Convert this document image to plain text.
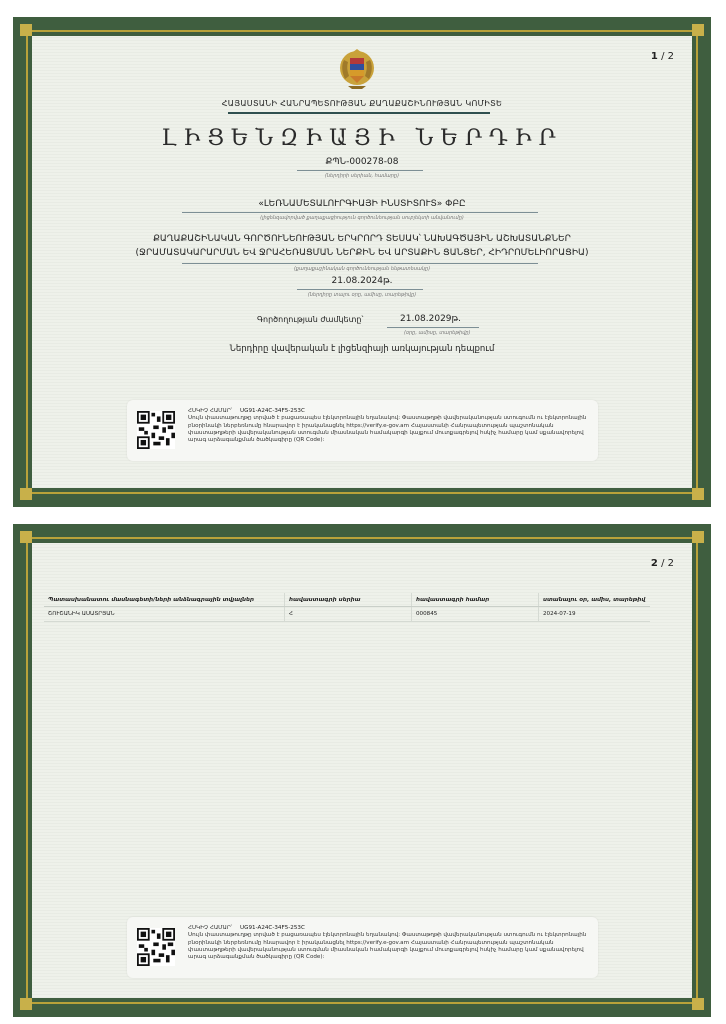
1 / 2
ՀԱՅԱՍՏԱՆԻ ՀԱՆՐԱՊԵՏՈՒԹՅԱՆ ՔԱՂԱՔԱՇԻՆՈՒԹՅԱՆ ԿՈՄԻՏԵ
ԼԻՑԵՆԶԻԱՅԻ ՆԵՐԴԻՐ
ՔՊՆ-000278-08
(ներդիրի սերիան, համարը)
«ԼԵՌՆԱՄԵՏԱԼՈՒՐԳԻԱՅԻ ԻՆՍՏԻՏՈՒՏ» ՓԲԸ
(լիցենզավորված քաղաքացիություն գործունեության սուբյեկտի անվանումը)
ՔԱՂԱՔԱՇԻՆԱԿԱՆ ԳՈՐԾՈՒՆԵՈՒԹՅԱՆ ԵՐԿՐՈՐԴ ՏԵՍԱԿ՝ ՆԱԽԱԳԾԱՅԻՆ ԱՇԽԱՏԱՆՔՆԵՐ (ՋՐԱՄԱՏԱԿԱՐԱՐՄԱՆ ԵՎ ՋՐԱՀԵՌԱՑՄԱՆ ՆԵՐՔԻՆ ԵՎ ԱՐՏԱՔԻՆ ՑԱՆՑԵՐ, ՀԻԴՐՈՄԵԼԻՈՐԱՑԻԱ)
(քաղաքաշինական գործունեության ենթատեսակը)
21.08.2024թ.
(ներդիրը տալու օրը, ամիսը, տարեթիվը)
Գործողության ժամկետը՝	21.08.2029թ.
(օրը, ամիսը, տարեթիվը)
Ներդիրը վավերական է լիցենզիայի առկայության դեպքում
ՀՍԿԻՉ ՀԱՄԱՐ՝ UG91-A24C-34F5-253C
Սույն փաստաթուղթը տրված է բացառապես էլեկտրոնային եղանակով: Փաստաթղթի վավերականության ստուգումն ու էլեկտրոնային բնօրինակի ներբեռնումը հնարավոր է իրականացնել https://verify.e-gov.am Հայաստանի Հանրապետության պաշտոնական փաստաթղթերի վավերականության ստուգման միասնական համակարգի կայքում մուտքագրելով հսկիչ համարը կամ սքանավորելով արագ արձագանքման ծածկագիրը (QR Code):
2 / 2
Պատասխանատու մասնագետի/ների անձնագրային տվյալներ	հավաստագրի սերիա	հավաստագրի համար	ստանալու օր, ամիս, տարեթիվ
ՇՈՒՇԱՆԻԿ ԱՍԱՏՐՅԱՆ	Հ	000845	2024-07-19
ՀՍԿԻՉ ՀԱՄԱՐ՝ UG91-A24C-34F5-253C
Սույն փաստաթուղթը տրված է բացառապես էլեկտրոնային եղանակով: Փաստաթղթի վավերականության ստուգումն ու էլեկտրոնային բնօրինակի ներբեռնումը հնարավոր է իրականացնել https://verify.e-gov.am Հայաստանի Հանրապետության պաշտոնական փաստաթղթերի վավերականության ստուգման միասնական համակարգի կայքում մուտքագրելով հսկիչ համարը կամ սքանավորելով արագ արձագանքման ծածկագիրը (QR Code):
